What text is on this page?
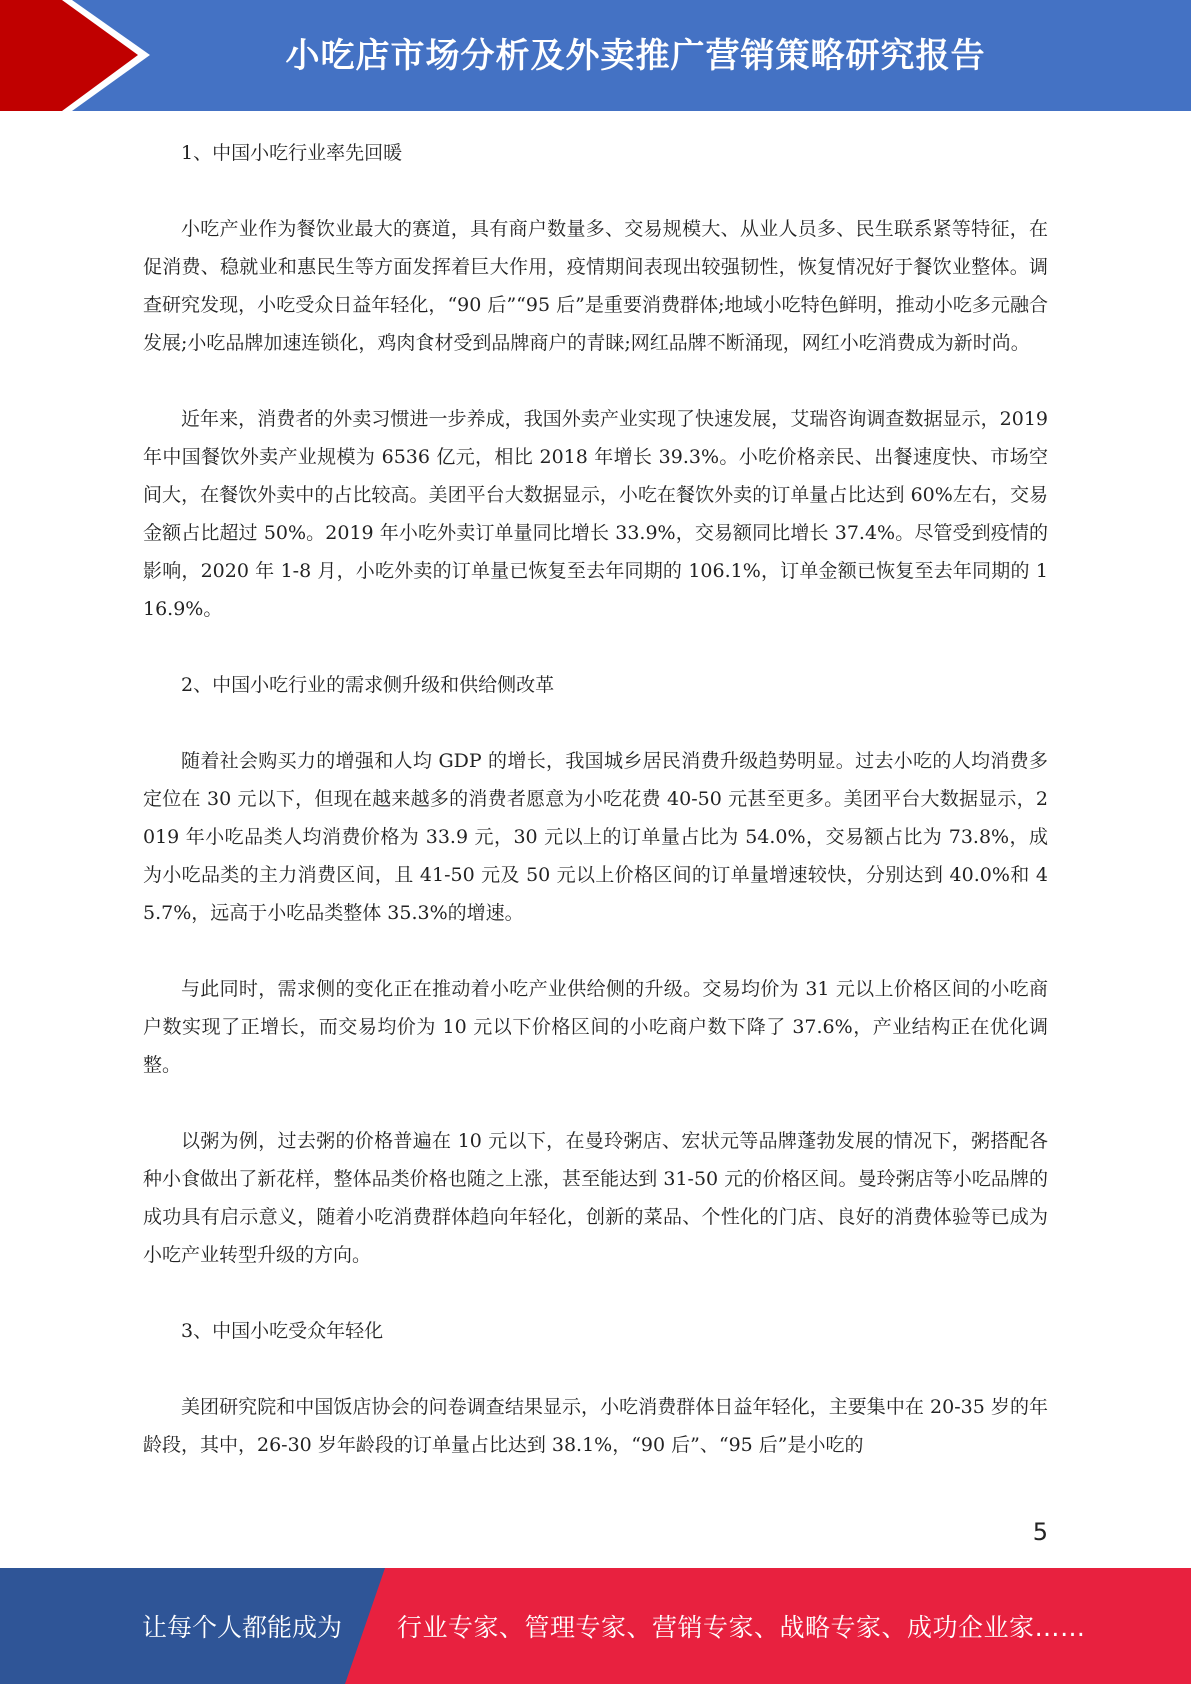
小吃店市场分析及外卖推广营销策略研究报告

1、中国小吃行业率先回暖

小吃产业作为餐饮业最大的赛道，具有商户数量多、交易规模大、从业人员多、民生联系紧等特征，在促消费、稳就业和惠民生等方面发挥着巨大作用，疫情期间表现出较强韧性，恢复情况好于餐饮业整体。调查研究发现，小吃受众日益年轻化，“90 后”“95 后”是重要消费群体;地域小吃特色鲜明，推动小吃多元融合发展;小吃品牌加速连锁化，鸡肉食材受到品牌商户的青睐;网红品牌不断涌现，网红小吃消费成为新时尚。

近年来，消费者的外卖习惯进一步养成，我国外卖产业实现了快速发展，艾瑞咨询调查数据显示，2019 年中国餐饮外卖产业规模为 6536 亿元，相比 2018 年增长 39.3%。小吃价格亲民、出餐速度快、市场空间大，在餐饮外卖中的占比较高。美团平台大数据显示，小吃在餐饮外卖的订单量占比达到 60%左右，交易金额占比超过 50%。2019 年小吃外卖订单量同比增长 33.9%，交易额同比增长 37.4%。尽管受到疫情的影响，2020 年 1-8 月，小吃外卖的订单量已恢复至去年同期的 106.1%，订单金额已恢复至去年同期的 116.9%。

2、中国小吃行业的需求侧升级和供给侧改革

随着社会购买力的增强和人均 GDP 的增长，我国城乡居民消费升级趋势明显。过去小吃的人均消费多定位在 30 元以下，但现在越来越多的消费者愿意为小吃花费 40-50 元甚至更多。美团平台大数据显示，2019 年小吃品类人均消费价格为 33.9 元，30 元以上的订单量占比为 54.0%，交易额占比为 73.8%，成为小吃品类的主力消费区间，且 41-50 元及 50 元以上价格区间的订单量增速较快，分别达到 40.0%和 45.7%，远高于小吃品类整体 35.3%的增速。

与此同时，需求侧的变化正在推动着小吃产业供给侧的升级。交易均价为 31 元以上价格区间的小吃商户数实现了正增长，而交易均价为 10 元以下价格区间的小吃商户数下降了 37.6%，产业结构正在优化调整。

以粥为例，过去粥的价格普遍在 10 元以下，在曼玲粥店、宏状元等品牌蓬勃发展的情况下，粥搭配各种小食做出了新花样，整体品类价格也随之上涨，甚至能达到 31-50 元的价格区间。曼玲粥店等小吃品牌的成功具有启示意义，随着小吃消费群体趋向年轻化，创新的菜品、个性化的门店、良好的消费体验等已成为小吃产业转型升级的方向。

3、中国小吃受众年轻化

美团研究院和中国饭店协会的问卷调查结果显示，小吃消费群体日益年轻化，主要集中在 20-35 岁的年龄段，其中，26-30 岁年龄段的订单量占比达到 38.1%，“90 后”、“95 后”是小吃的

5
让每个人都能成为 行业专家、管理专家、营销专家、战略专家、成功企业家……
